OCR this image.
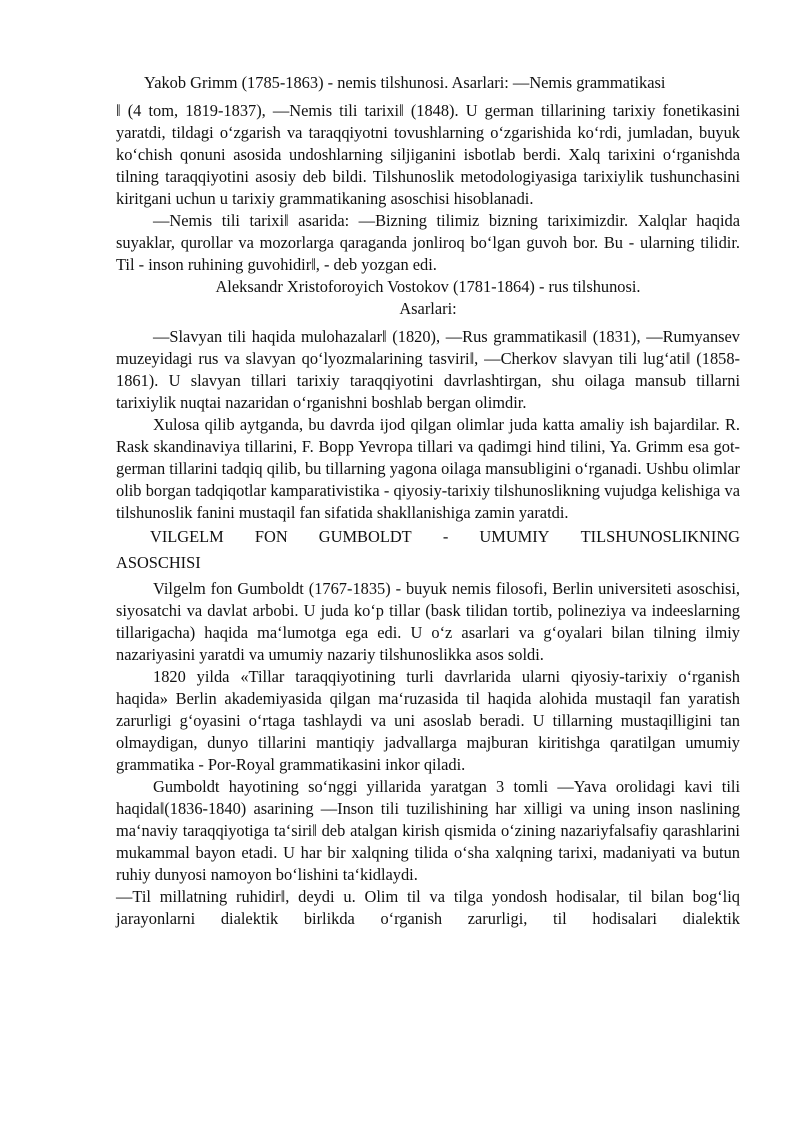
Yakob Grimm (1785-1863) - nemis tilshunosi. Asarlari: ―Nemis grammatikasi

‖ (4 tom, 1819-1837), ―Nemis tili tarixi‖ (1848). U german tillarining tarixiy fonetikasini yaratdi, tildagi o‘zgarish va taraqqiyotni tovushlarning o‘zgarishida ko‘rdi, jumladan, buyuk ko‘chish qonuni asosida undoshlarning siljiganini isbotlab berdi. Xalq tarixini o‘rganishda tilning taraqqiyotini asosiy deb bildi. Tilshunoslik metodologiyasiga tarixiylik tushunchasini kiritgani uchun u tarixiy grammatikaning asoschisi hisoblanadi.

―Nemis tili tarixi‖ asarida: ―Bizning tilimiz bizning tariximizdir. Xalqlar haqida suyaklar, qurollar va mozorlarga qaraganda jonliroq bo‘lgan guvoh bor. Bu - ularning tilidir. Til - inson ruhining guvohidir‖, - deb yozgan edi.

Aleksandr Xristoforoyich Vostokov (1781-1864) - rus tilshunosi.

Asarlari:

―Slavyan tili haqida mulohazalar‖ (1820), ―Rus grammatikasi‖ (1831), ―Rumyansev muzeyidagi rus va slavyan qo‘lyozmalarining tasviri‖, ―Cherkov slavyan tili lug‘ati‖ (1858-1861). U slavyan tillari tarixiy taraqqiyotini davrlashtirgan, shu oilaga mansub tillarni tarixiylik nuqtai nazaridan o‘rganishni boshlab bergan olimdir.

Xulosa qilib aytganda, bu davrda ijod qilgan olimlar juda katta amaliy ish bajardilar. R. Rask skandinaviya tillarini, F. Bopp Yevropa tillari va qadimgi hind tilini, Ya. Grimm esa got-german tillarini tadqiq qilib, bu tillarning yagona oilaga mansubligini o‘rganadi. Ushbu olimlar olib borgan tadqiqotlar kamparativistika - qiyosiy-tarixiy tilshunoslikning vujudga kelishiga va tilshunoslik fanini mustaqil fan sifatida shakllanishiga zamin yaratdi.

VILGELM FON GUMBOLDT - UMUMIY TILSHUNOSLIKNING

ASOSCHISI

Vilgelm fon Gumboldt (1767-1835) - buyuk nemis filosofi, Berlin universiteti asoschisi, siyosatchi va davlat arbobi. U juda ko‘p tillar (bask tilidan tortib, polineziya va indeeslarning tillarigacha) haqida ma‘lumotga ega edi. U o‘z asarlari va g‘oyalari bilan tilning ilmiy nazariyasini yaratdi va umumiy nazariy tilshunoslikka asos soldi.

1820 yilda «Tillar taraqqiyotining turli davrlarida ularni qiyosiy-tarixiy o‘rganish haqida» Berlin akademiyasida qilgan ma‘ruzasida til haqida alohida mustaqil fan yaratish zarurligi g‘oyasini o‘rtaga tashlaydi va uni asoslab beradi. U tillarning mustaqilligini tan olmaydigan, dunyo tillarini mantiqiy jadvallarga majburan kiritishga qaratilgan umumiy grammatika - Por-Royal grammatikasini inkor qiladi.

Gumboldt hayotining so‘nggi yillarida yaratgan 3 tomli ―Yava orolidagi kavi tili haqida‖(1836-1840) asarining ―Inson tili tuzilishining har xilligi va uning inson naslining ma‘naviy taraqqiyotiga ta‘siri‖ deb atalgan kirish qismida o‘zining nazariyfalsafiy qarashlarini mukammal bayon etadi. U har bir xalqning tilida o‘sha xalqning tarixi, madaniyati va butun ruhiy dunyosi namoyon bo‘lishini ta‘kidlaydi.

―Til millatning ruhidir‖, deydi u. Olim til va tilga yondosh hodisalar, til bilan bog‘liq jarayonlarni dialektik birlikda o‘rganish zarurligi, til hodisalari dialektik
